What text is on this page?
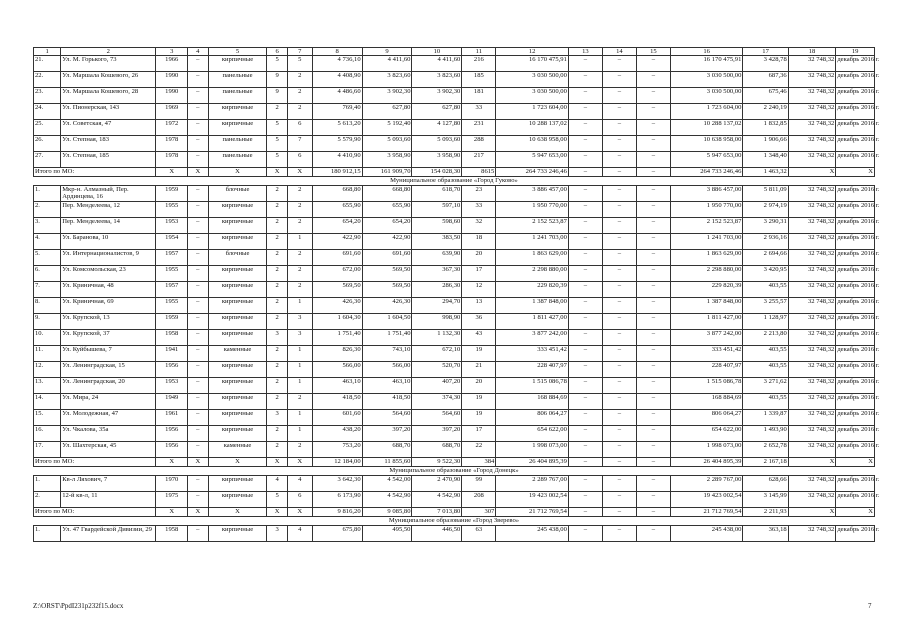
1	2	3	4	5	6	7	8	9	10	11	12	13	14	15	16	17	18	19
21.	Ул. М. Горького, 73	1966	–	кирпичные	5	5	4 736,10	4 411,60	4 411,60	216	16 170 475,91	–	–	–	16 170 475,91	3 428,78	32 748,32	декабрь 2016 г.
22.	Ул. Маршала Кошевого, 26	1990	–	панельные	9	2	4 408,90	3 823,60	3 823,60	185	3 030 500,00	–	–	–	3 030 500,00	687,36	32 748,32	декабрь 2016 г.
23.	Ул. Маршала Кошевого, 28	1990	–	панельные	9	2	4 486,60	3 902,30	3 902,30	181	3 030 500,00	–	–	–	3 030 500,00	675,46	32 748,32	декабрь 2016 г.
24.	Ул. Пионерская, 143	1969	–	кирпичные	2	2	769,40	627,80	627,80	33	1 723 604,00	–	–	–	1 723 604,00	2 240,19	32 748,32	декабрь 2016 г.
25.	Ул. Советская, 47	1972	–	кирпичные	5	6	5 613,20	5 192,40	4 127,80	231	10 288 137,02	–	–	–	10 288 137,02	1 832,85	32 748,32	декабрь 2016 г.
26.	Ул. Степная, 183	1978	–	панельные	5	7	5 579,90	5 093,60	5 093,60	288	10 638 958,00	–	–	–	10 638 958,00	1 906,66	32 748,32	декабрь 2016 г.
27.	Ул. Степная, 185	1978	–	панельные	5	6	4 410,90	3 958,90	3 958,90	217	5 947 653,00	–	–	–	5 947 653,00	1 348,40	32 748,32	декабрь 2016 г.
Итого по МО:		X	X	X	X	X	180 912,15	161 909,70	154 028,30	8615	264 733 246,46	–	–	–	264 733 246,46	1 463,32	X	X
Муниципальное образование «Город Гуково»																		
1.	Мкр-н. Алмазный, Пер. Ардинцева, 16	1959	–	блочные	2	2	668,80	668,80	618,70	23	3 886 457,00	–	–	–	3 886 457,00	5 811,09	32 748,32	декабрь 2016 г.
2.	Пер. Менделеева, 12	1955	–	кирпичные	2	2	655,90	655,90	597,10	33	1 950 770,00	–	–	–	1 950 770,00	2 974,19	32 748,32	декабрь 2016 г.
3.	Пер. Менделеева, 14	1953	–	кирпичные	2	2	654,20	654,20	598,60	32	2 152 523,87	–	–	–	2 152 523,87	3 290,31	32 748,32	декабрь 2016 г.
4.	Ул. Баранова, 10	1954	–	кирпичные	2	1	422,90	422,90	383,50	18	1 241 703,00	–	–	–	1 241 703,00	2 936,16	32 748,32	декабрь 2016 г.
5.	Ул. Интернационалистов, 9	1957	–	блочные	2	2	691,60	691,60	639,90	20	1 863 629,00	–	–	–	1 863 629,00	2 694,66	32 748,32	декабрь 2016 г.
6.	Ул. Комсомольская, 23	1955	–	кирпичные	2	2	672,00	569,50	367,30	17	2 298 880,00	–	–	–	2 298 880,00	3 420,95	32 748,32	декабрь 2016 г.
7.	Ул. Криничная, 48	1957	–	кирпичные	2	2	569,50	569,50	286,30	12	229 820,39	–	–	–	229 820,39	403,55	32 748,32	декабрь 2016 г.
8.	Ул. Криничная, 69	1955	–	кирпичные	2	1	426,30	426,30	294,70	13	1 387 848,00	–	–	–	1 387 848,00	3 255,57	32 748,32	декабрь 2016 г.
9.	Ул. Крупской, 13	1959	–	кирпичные	2	3	1 604,30	1 604,50	998,90	36	1 811 427,00	–	–	–	1 811 427,00	1 128,97	32 748,32	декабрь 2016 г.
10.	Ул. Крупской, 37	1958	–	кирпичные	3	3	1 751,40	1 751,40	1 132,30	43	3 877 242,00	–	–	–	3 877 242,00	2 213,80	32 748,32	декабрь 2016 г.
11.	Ул. Куйбышева, 7	1941	–	каменные	2	1	826,30	743,10	672,10	19	333 451,42	–	–	–	333 451,42	403,55	32 748,32	декабрь 2016 г.
12.	Ул. Ленинградская, 15	1956	–	кирпичные	2	1	566,00	566,00	520,70	21	228 407,97	–	–	–	228 407,97	403,55	32 748,32	декабрь 2016 г.
13.	Ул. Ленинградская, 20	1953	–	кирпичные	2	1	463,10	463,10	407,20	20	1 515 086,78	–	–	–	1 515 086,78	3 271,62	32 748,32	декабрь 2016 г.
14.	Ул. Мира, 24	1949	–	кирпичные	2	2	418,50	418,50	374,30	19	168 884,69	–	–	–	168 884,69	403,55	32 748,32	декабрь 2016 г.
15.	Ул. Молодежная, 47	1961	–	кирпичные	3	1	601,60	564,60	564,60	19	806 064,27	–	–	–	806 064,27	1 339,87	32 748,32	декабрь 2016 г.
16.	Ул. Чкалова, 35а	1956	–	кирпичные	2	1	438,20	397,20	397,20	17	654 622,00	–	–	–	654 622,00	1 493,90	32 748,32	декабрь 2016 г.
17.	Ул. Шахтерская, 45	1956	–	каменные	2	2	753,20	688,70	688,70	22	1 998 073,00	–	–	–	1 998 073,00	2 652,78	32 748,32	декабрь 2016 г.
Итого по МО:		X	X	X	X	X	12 184,00	11 855,60	9 522,30	384	26 404 895,39	–	–	–	26 404 895,39	2 167,18	X	X
Муниципальное образование «Город Донецк»																		
1.	Кв-л Ляхович, 7	1970	–	кирпичные	4	4	3 642,30	4 542,00	2 470,90	99	2 289 767,00	–	–	–	2 289 767,00	628,66	32 748,32	декабрь 2016 г.
2.	12-й кв-л, 11	1975	–	кирпичные	5	6	6 173,90	4 542,90	4 542,90	208	19 423 002,54	–	–	–	19 423 002,54	3 145,99	32 748,32	декабрь 2016 г.
Итого по МО:		X	X	X	X	X	9 816,20	9 085,80	7 013,80	307	21 712 769,54	–	–	–	21 712 769,54	2 211,93	X	X
Муниципальное образование «Город Зверево»																		
1.	Ул. 47 Гвардейской Дивизии, 29	1958	–	кирпичные	3	4	675,80	495,50	446,50	63	245 438,00	–	–	–	245 438,00	363,18	32 748,32	декабрь 2016 г.
Z:\ORST\PpdI231p232f15.docx	7
